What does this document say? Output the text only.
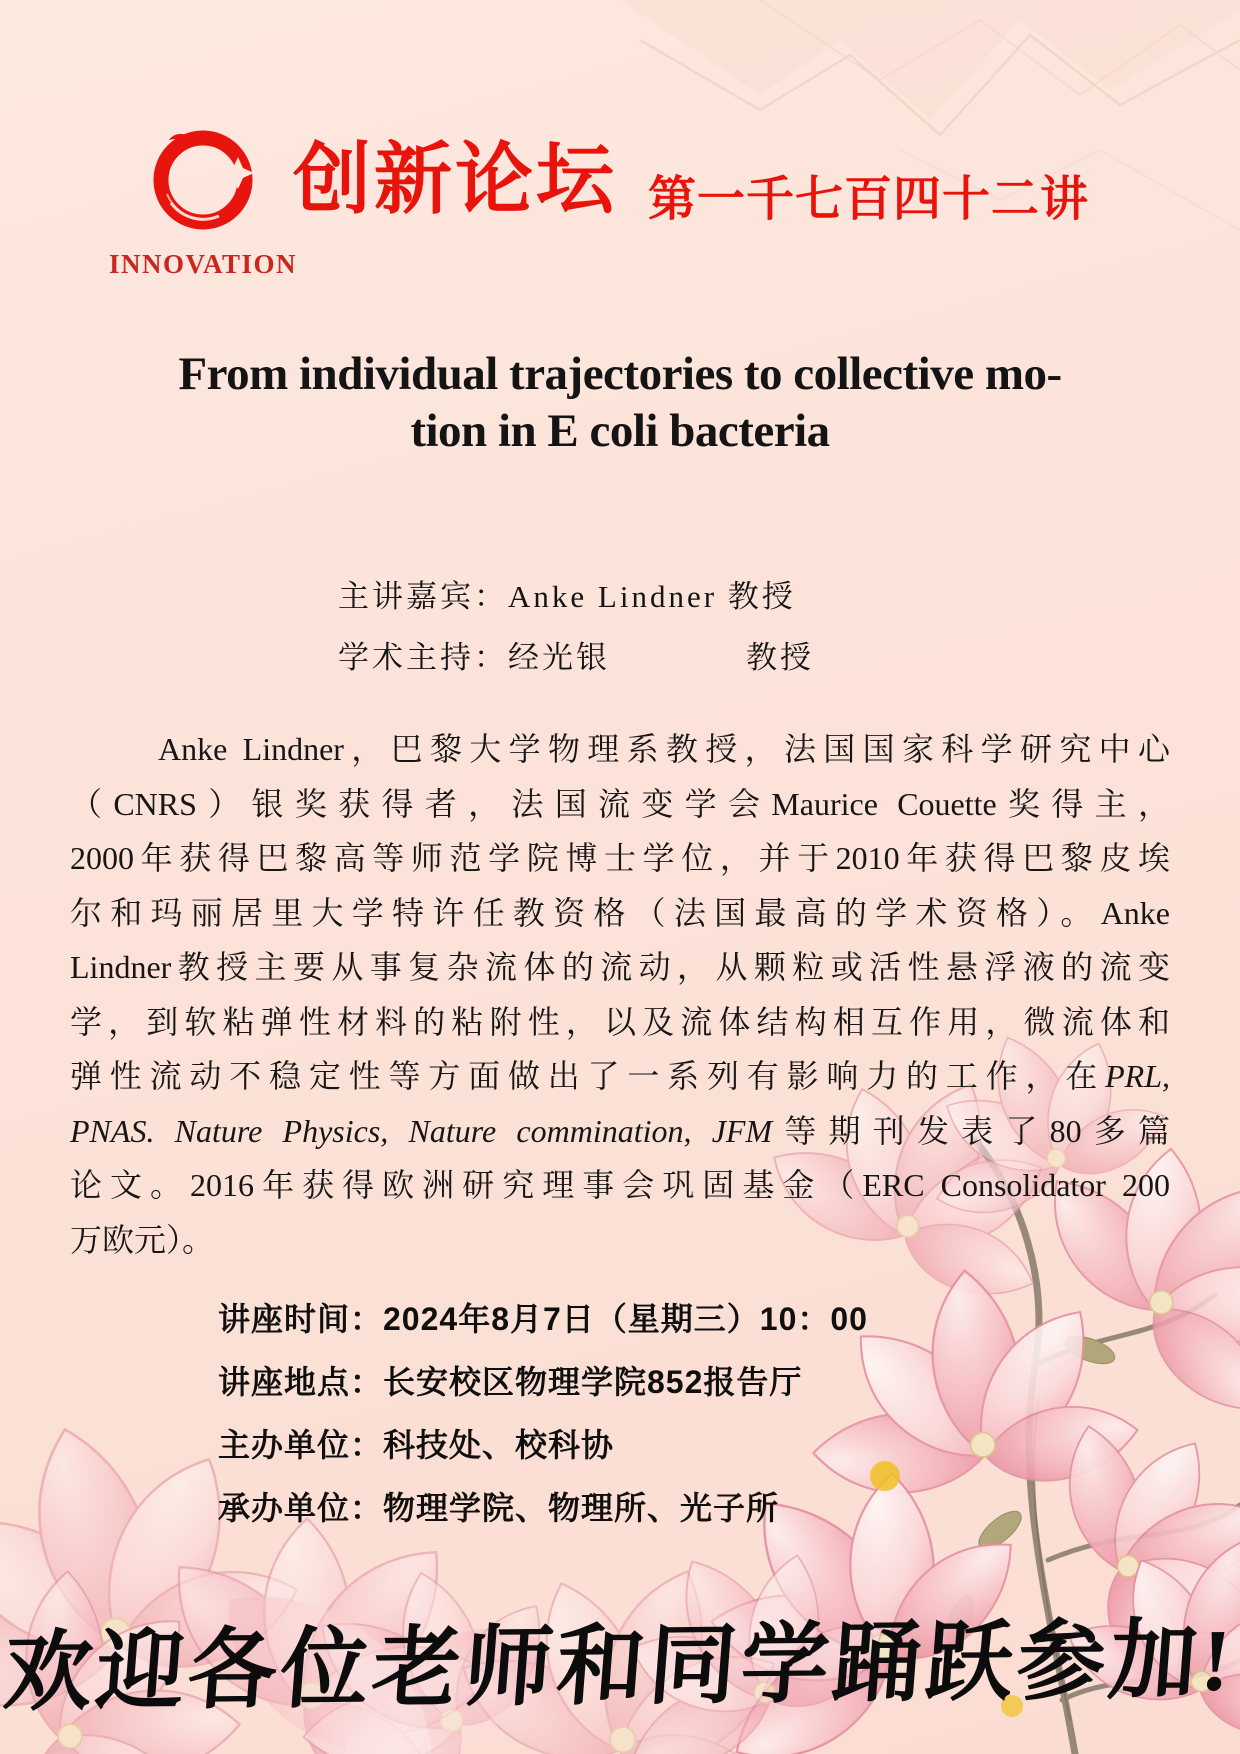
INNOVATION
创新论坛 第一千七百四十二讲
From individual trajectories to collective mo-
tion in E coli bacteria
主讲嘉宾：Anke Lindner 教授
学术主持：经光银　　　　教授
Anke Lindner，巴黎大学物理系教授，法国国家科学研究中心
（CNRS）银奖获得者，法国流变学会Maurice Couette奖得主，
2000年获得巴黎高等师范学院博士学位，并于2010年获得巴黎皮埃
尔和玛丽居里大学特许任教资格（法国最高的学术资格）。Anke
Lindner教授主要从事复杂流体的流动，从颗粒或活性悬浮液的流变
学，到软粘弹性材料的粘附性，以及流体结构相互作用，微流体和
弹性流动不稳定性等方面做出了一系列有影响力的工作，在PRL,
PNAS. Nature Physics, Nature commination, JFM等期刊发表了80多篇
论文。2016年获得欧洲研究理事会巩固基金（ERC Consolidator 200
万欧元）。
讲座时间：2024年8月7日（星期三）10：00
讲座地点：长安校区物理学院852报告厅
主办单位：科技处、校科协
承办单位：物理学院、物理所、光子所
欢迎各位老师和同学踊跃参加!
